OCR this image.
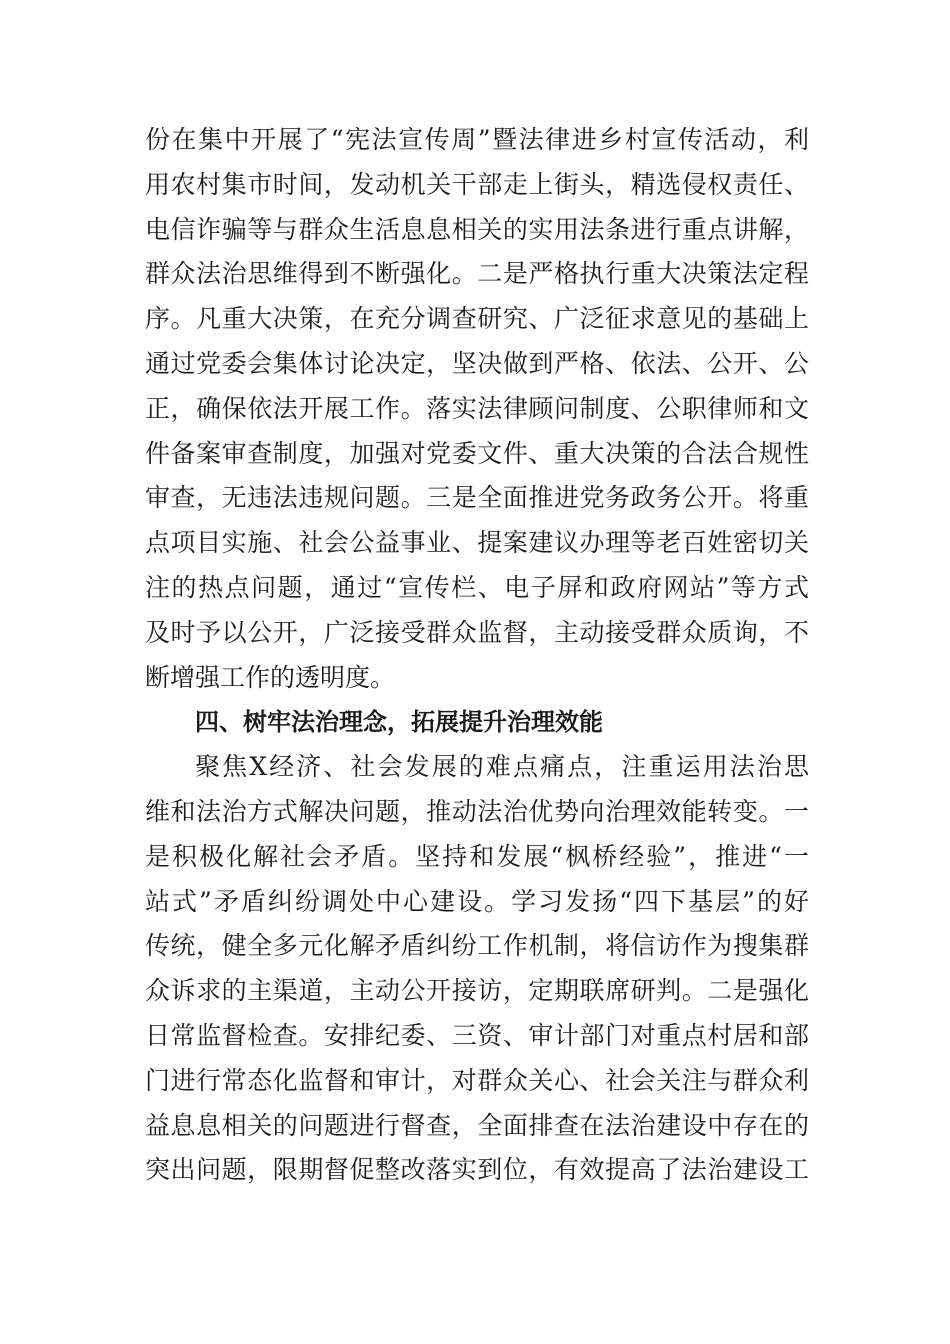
份在集中开展了“宪法宣传周”暨法律进乡村宣传活动，利
用农村集市时间，发动机关干部走上街头，精选侵权责任、
电信诈骗等与群众生活息息相关的实用法条进行重点讲解，
群众法治思维得到不断强化。二是严格执行重大决策法定程
序。凡重大决策，在充分调查研究、广泛征求意见的基础上
通过党委会集体讨论决定，坚决做到严格、依法、公开、公
正，确保依法开展工作。落实法律顾问制度、公职律师和文
件备案审查制度，加强对党委文件、重大决策的合法合规性
审查，无违法违规问题。三是全面推进党务政务公开。将重
点项目实施、社会公益事业、提案建议办理等老百姓密切关
注的热点问题，通过“宣传栏、电子屏和政府网站”等方式
及时予以公开，广泛接受群众监督，主动接受群众质询，不
断增强工作的透明度。
四、树牢法治理念，拓展提升治理效能
聚焦X经济、社会发展的难点痛点，注重运用法治思
维和法治方式解决问题，推动法治优势向治理效能转变。一
是积极化解社会矛盾。坚持和发展“枫桥经验”，推进“一
站式”矛盾纠纷调处中心建设。学习发扬“四下基层”的好
传统，健全多元化解矛盾纠纷工作机制，将信访作为搜集群
众诉求的主渠道，主动公开接访，定期联席研判。二是强化
日常监督检查。安排纪委、三资、审计部门对重点村居和部
门进行常态化监督和审计，对群众关心、社会关注与群众利
益息息相关的问题进行督查，全面排查在法治建设中存在的
突出问题，限期督促整改落实到位，有效提高了法治建设工
